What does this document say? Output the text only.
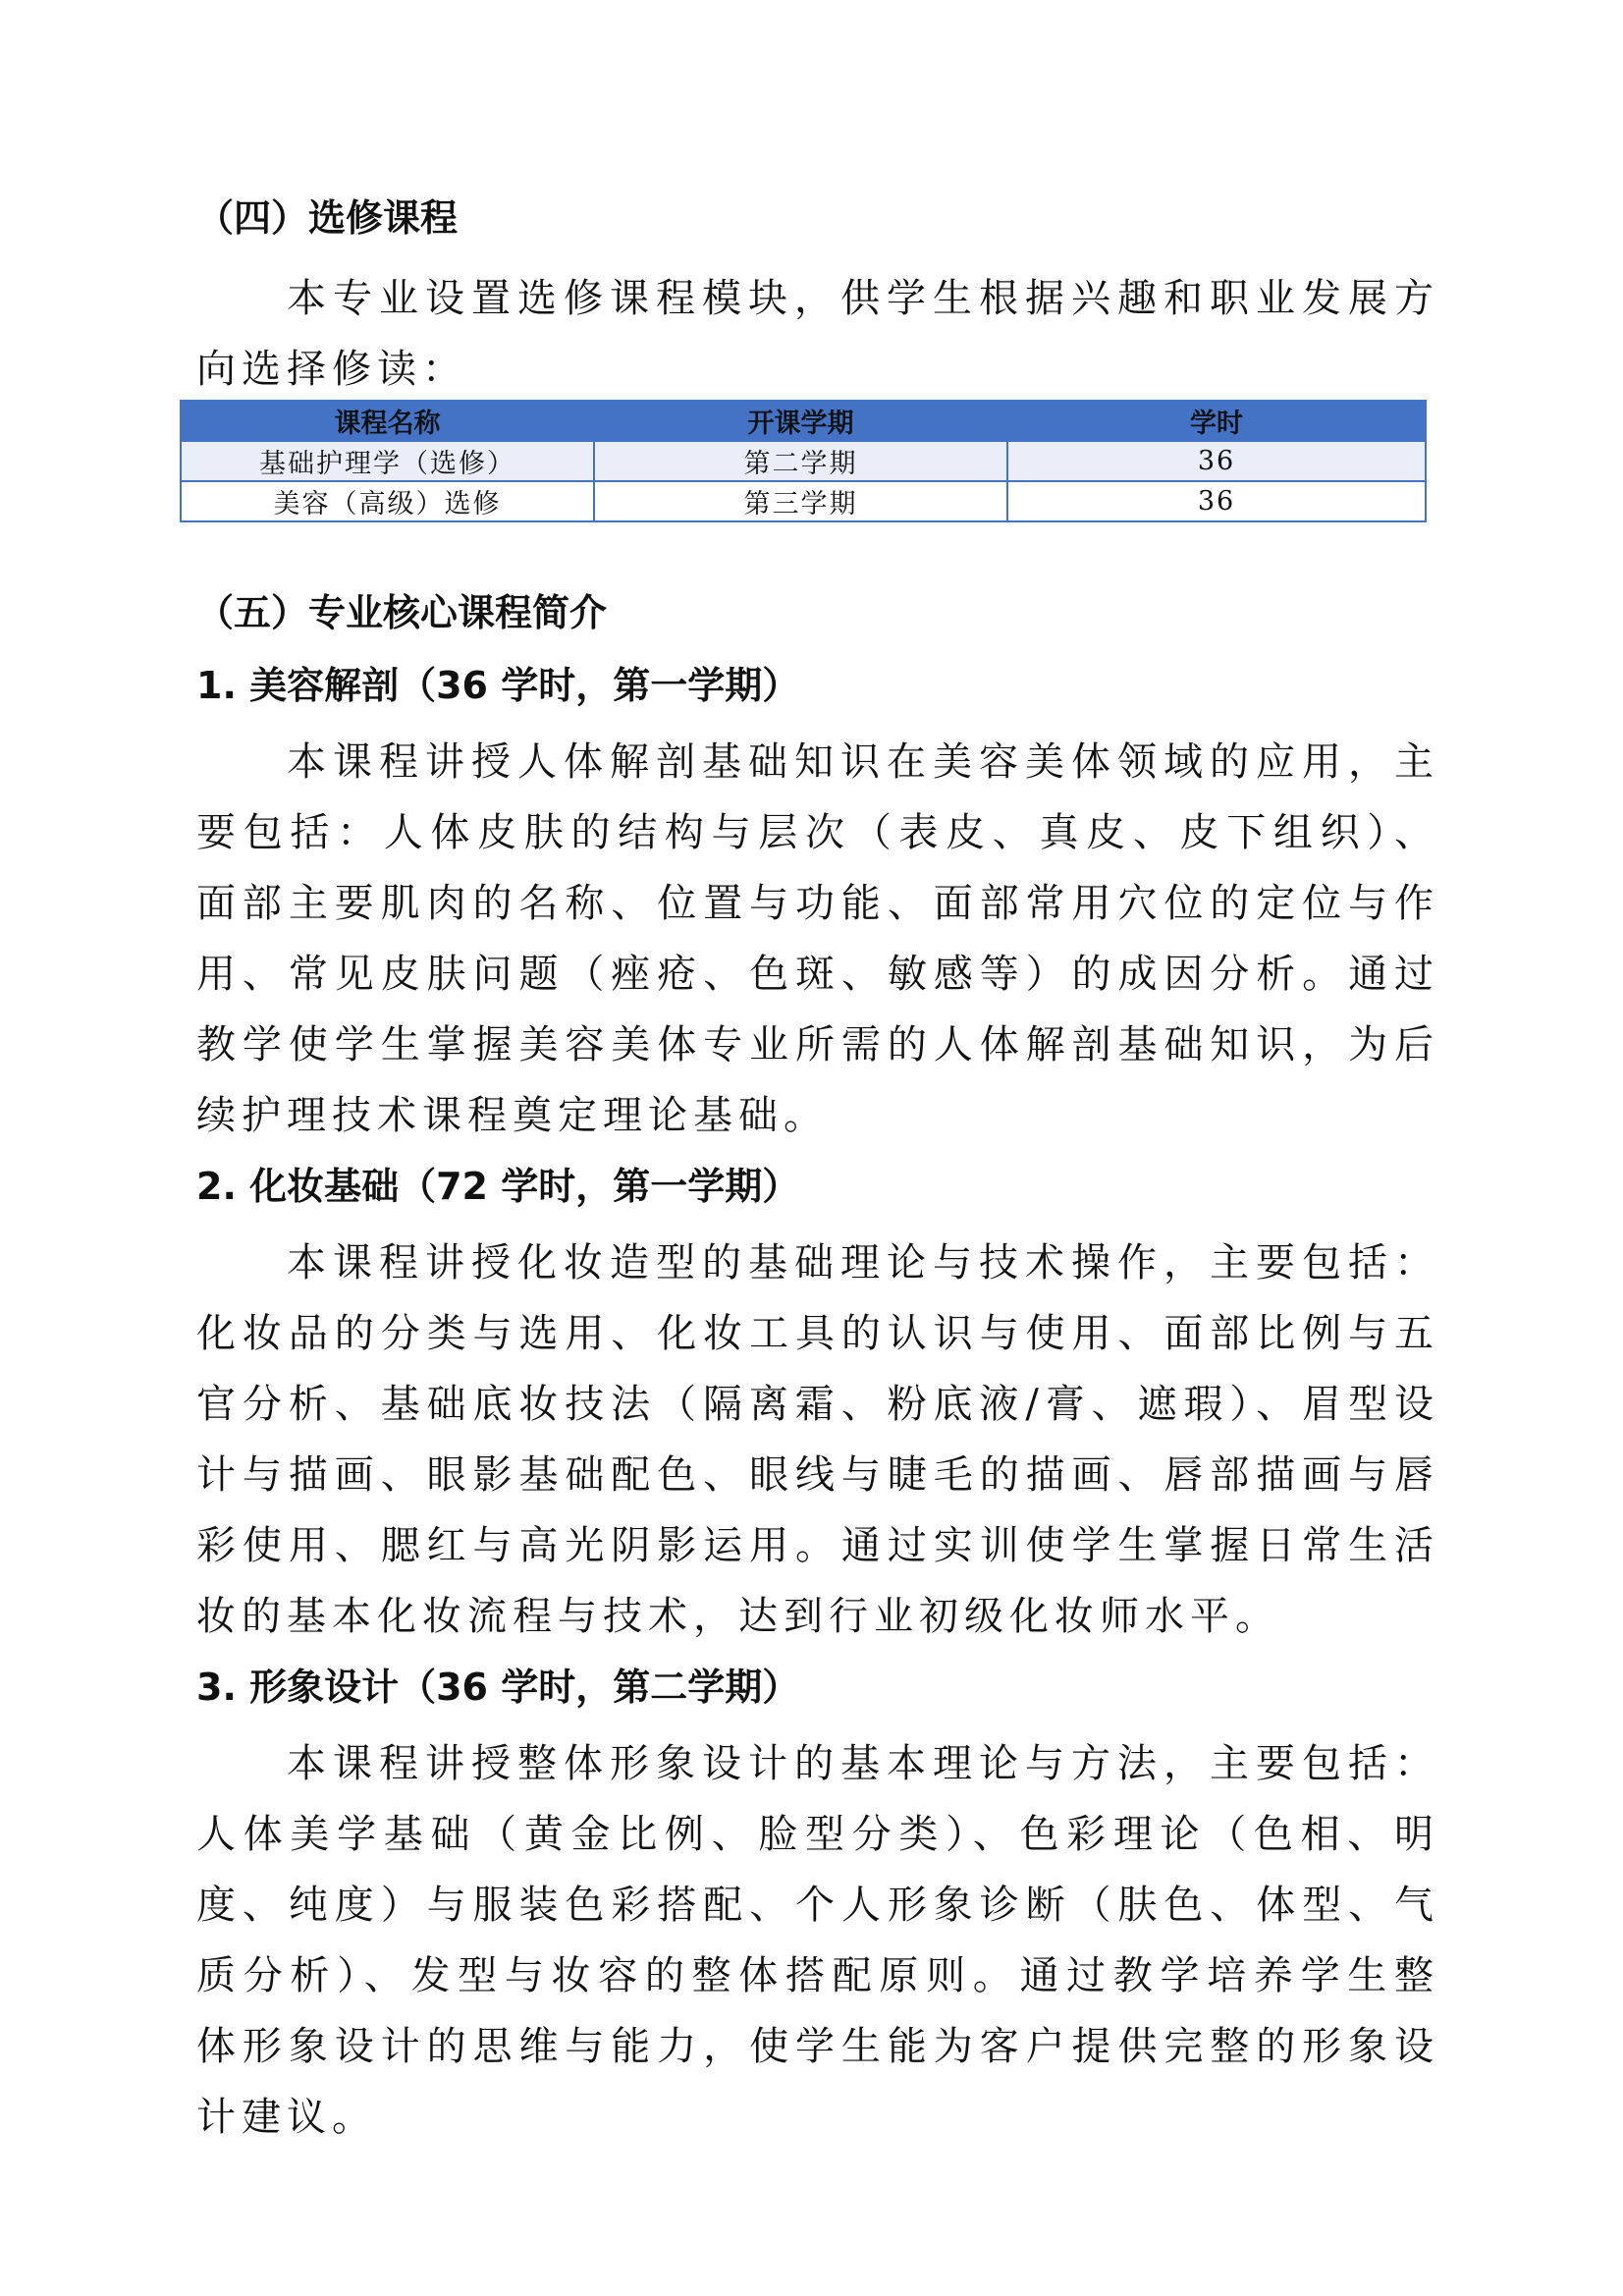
（四）选修课程

本专业设置选修课程模块，供学生根据兴趣和职业发展方向选择修读：

课程名称	开课学期	学时
基础护理学（选修）	第二学期	36
美容（高级）选修	第三学期	36
（五）专业核心课程简介
1. 美容解剖（36 学时，第一学期）

本课程讲授人体解剖基础知识在美容美体领域的应用，主要包括：人体皮肤的结构与层次（表皮、真皮、皮下组织）、面部主要肌肉的名称、位置与功能、面部常用穴位的定位与作用、常见皮肤问题（痤疮、色斑、敏感等）的成因分析。通过教学使学生掌握美容美体专业所需的人体解剖基础知识，为后续护理技术课程奠定理论基础。

2. 化妆基础（72 学时，第一学期）

本课程讲授化妆造型的基础理论与技术操作，主要包括：化妆品的分类与选用、化妆工具的认识与使用、面部比例与五官分析、基础底妆技法（隔离霜、粉底液/膏、遮瑕）、眉型设计与描画、眼影基础配色、眼线与睫毛的描画、唇部描画与唇彩使用、腮红与高光阴影运用。通过实训使学生掌握日常生活妆的基本化妆流程与技术，达到行业初级化妆师水平。

3. 形象设计（36 学时，第二学期）

本课程讲授整体形象设计的基本理论与方法，主要包括：人体美学基础（黄金比例、脸型分类）、色彩理论（色相、明度、纯度）与服装色彩搭配、个人形象诊断（肤色、体型、气质分析）、发型与妆容的整体搭配原则。通过教学培养学生整体形象设计的思维与能力，使学生能为客户提供完整的形象设计建议。
